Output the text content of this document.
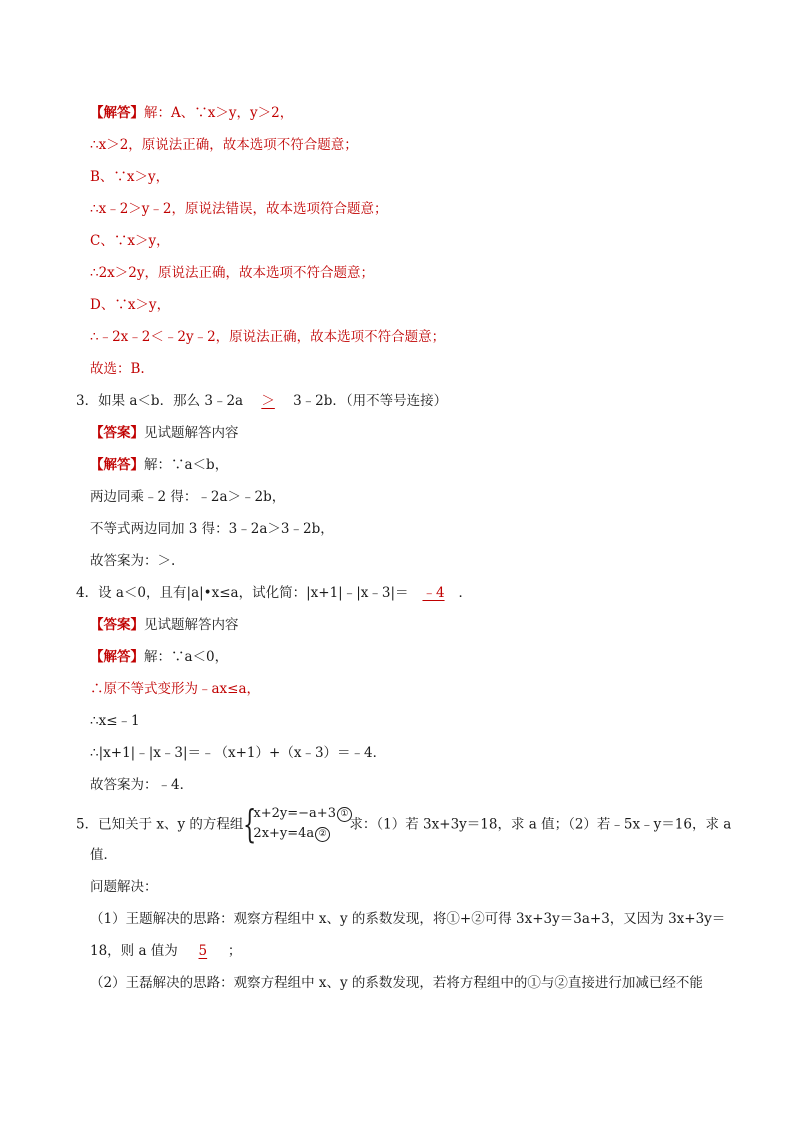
【解答】解：A、∵x＞y，y＞2，
∴x＞2，原说法正确，故本选项不符合题意；
B、∵x＞y，
∴x﹣2＞y﹣2，原说法错误，故本选项符合题意；
C、∵x＞y，
∴2x＞2y，原说法正确，故本选项不符合题意；
D、∵x＞y，
∴﹣2x﹣2＜﹣2y﹣2，原说法正确，故本选项不符合题意；
故选：B.
3．如果 a＜b．那么 3﹣2a ＞ 3﹣2b．（用不等号连接）
【答案】见试题解答内容
【解答】解：∵a＜b，
两边同乘﹣2 得：﹣2a＞﹣2b，
不等式两边同加 3 得：3﹣2a＞3﹣2b，
故答案为：＞.
4．设 a＜0，且有|a|•x≤a，试化简：|x+1|﹣|x﹣3|＝ ﹣4 ．
【答案】见试题解答内容
【解答】解：∵a＜0，
∴原不等式变形为﹣ax≤a，
∴x≤﹣1
∴|x+1|﹣|x﹣3|＝﹣（x+1）+（x﹣3）＝﹣4．
故答案为：﹣4．
5．已知关于 x、y 的方程组 {
x+2y=−a+3 ①
2x+y=4a ②
求：（1）若 3x+3y＝18，求 a 值；（2）若﹣5x﹣y＝16，求 a
值．
问题解决：
（1）王题解决的思路：观察方程组中 x、y 的系数发现，将①+②可得 3x+3y＝3a+3，又因为 3x+3y＝
18，则 a 值为 5 ；
（2）王磊解决的思路：观察方程组中 x、y 的系数发现，若将方程组中的①与②直接进行加减已经不能
